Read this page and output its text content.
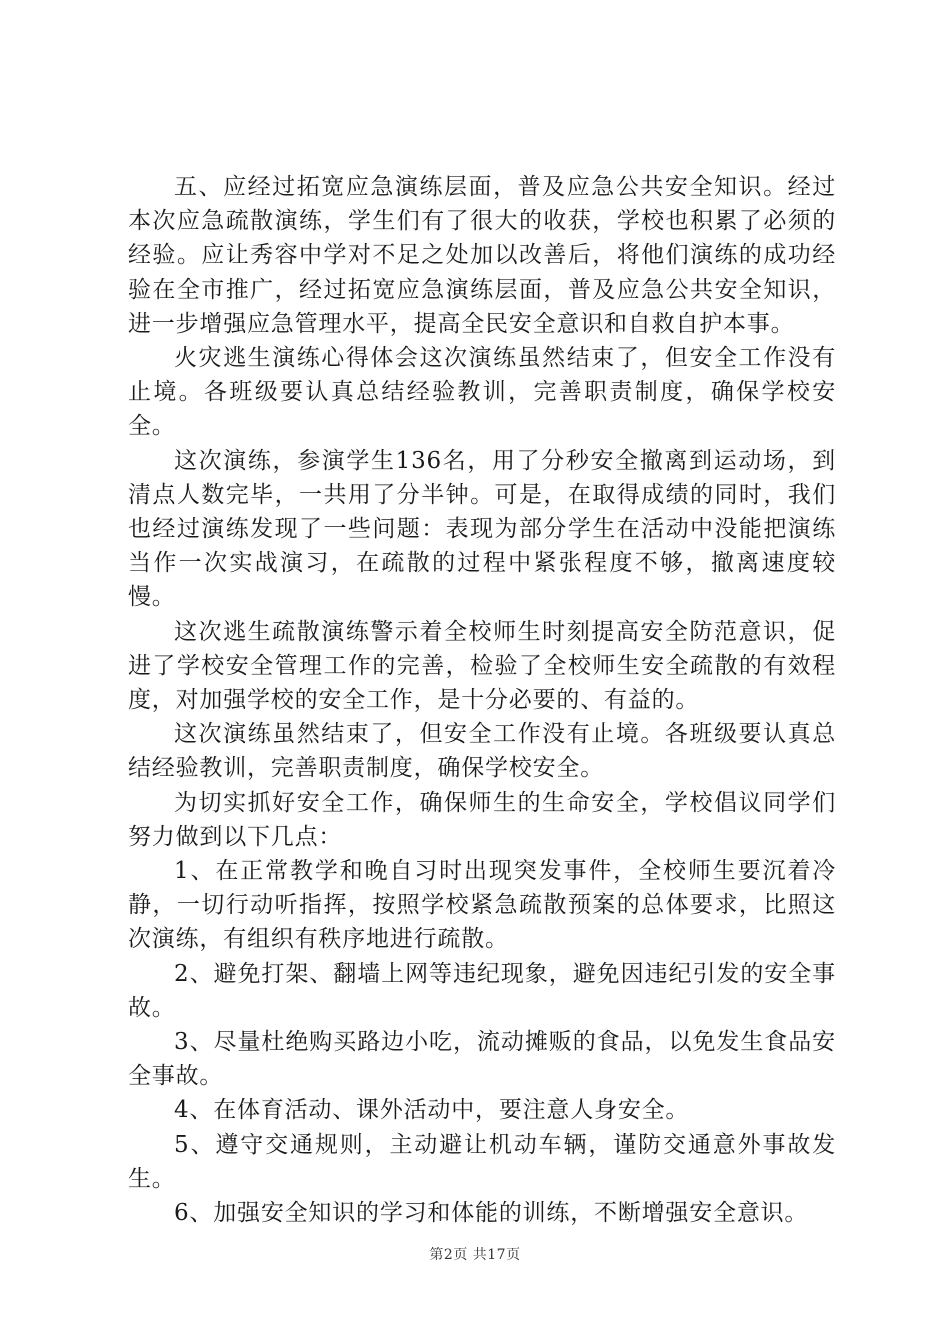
五、应经过拓宽应急演练层面，普及应急公共安全知识。经过本次应急疏散演练，学生们有了很大的收获，学校也积累了必须的经验。应让秀容中学对不足之处加以改善后，将他们演练的成功经验在全市推广，经过拓宽应急演练层面，普及应急公共安全知识，进一步增强应急管理水平，提高全民安全意识和自救自护本事。

火灾逃生演练心得体会这次演练虽然结束了，但安全工作没有止境。各班级要认真总结经验教训，完善职责制度，确保学校安全。

这次演练，参演学生136名，用了分秒安全撤离到运动场，到清点人数完毕，一共用了分半钟。可是，在取得成绩的同时，我们也经过演练发现了一些问题：表现为部分学生在活动中没能把演练当作一次实战演习，在疏散的过程中紧张程度不够，撤离速度较慢。

这次逃生疏散演练警示着全校师生时刻提高安全防范意识，促进了学校安全管理工作的完善，检验了全校师生安全疏散的有效程度，对加强学校的安全工作，是十分必要的、有益的。

这次演练虽然结束了，但安全工作没有止境。各班级要认真总结经验教训，完善职责制度，确保学校安全。

为切实抓好安全工作，确保师生的生命安全，学校倡议同学们努力做到以下几点：

1、在正常教学和晚自习时出现突发事件，全校师生要沉着冷静，一切行动听指挥，按照学校紧急疏散预案的总体要求，比照这次演练，有组织有秩序地进行疏散。

2、避免打架、翻墙上网等违纪现象，避免因违纪引发的安全事故。

3、尽量杜绝购买路边小吃，流动摊贩的食品，以免发生食品安全事故。

4、在体育活动、课外活动中，要注意人身安全。

5、遵守交通规则，主动避让机动车辆，谨防交通意外事故发生。

6、加强安全知识的学习和体能的训练，不断增强安全意识。

第2页 共17页
